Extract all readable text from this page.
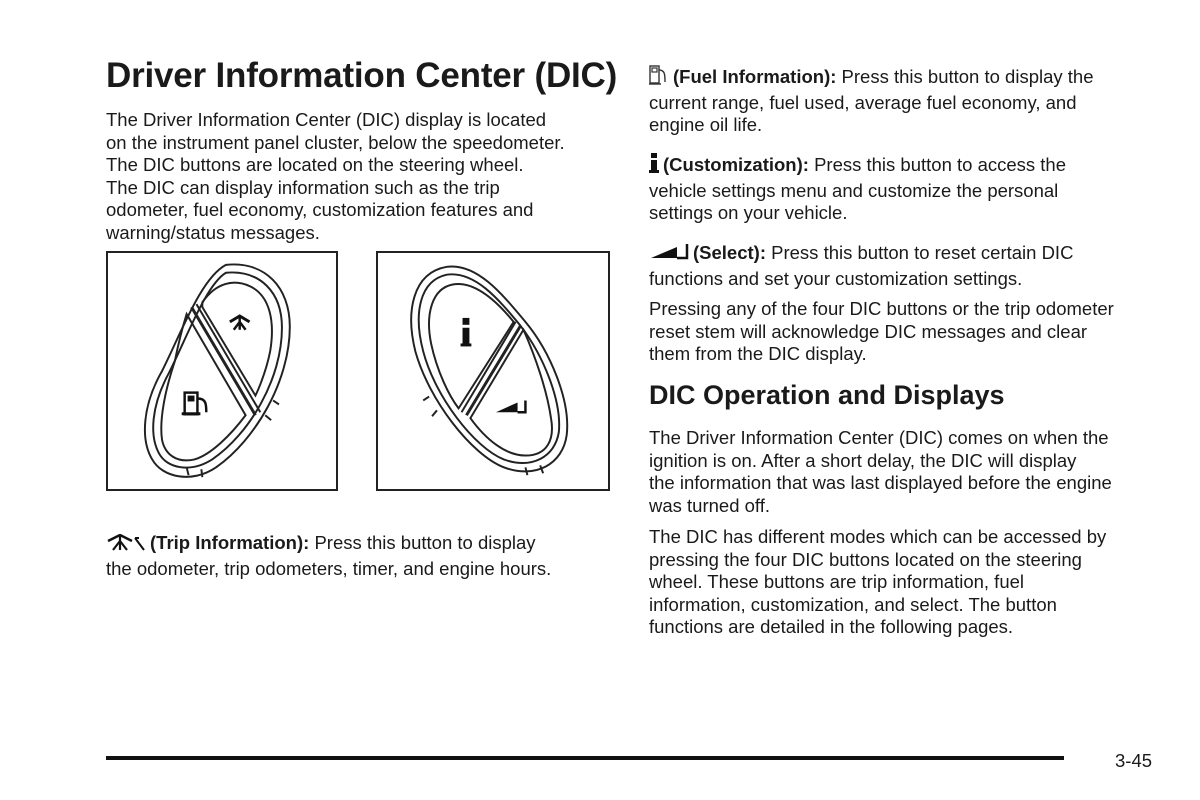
Driver Information Center (DIC)

The Driver Information Center (DIC) display is located
on the instrument panel cluster, below the speedometer.
The DIC buttons are located on the steering wheel.
The DIC can display information such as the trip
odometer, fuel economy, customization features and
warning/status messages.

(Trip Information): Press this button to display
the odometer, trip odometers, timer, and engine hours.

(Fuel Information): Press this button to display the
current range, fuel used, average fuel economy, and
engine oil life.

(Customization): Press this button to access the
vehicle settings menu and customize the personal
settings on your vehicle.

(Select): Press this button to reset certain DIC
functions and set your customization settings.

Pressing any of the four DIC buttons or the trip odometer
reset stem will acknowledge DIC messages and clear
them from the DIC display.

DIC Operation and Displays

The Driver Information Center (DIC) comes on when the
ignition is on. After a short delay, the DIC will display
the information that was last displayed before the engine
was turned off.

The DIC has different modes which can be accessed by
pressing the four DIC buttons located on the steering
wheel. These buttons are trip information, fuel
information, customization, and select. The button
functions are detailed in the following pages.

3-45
